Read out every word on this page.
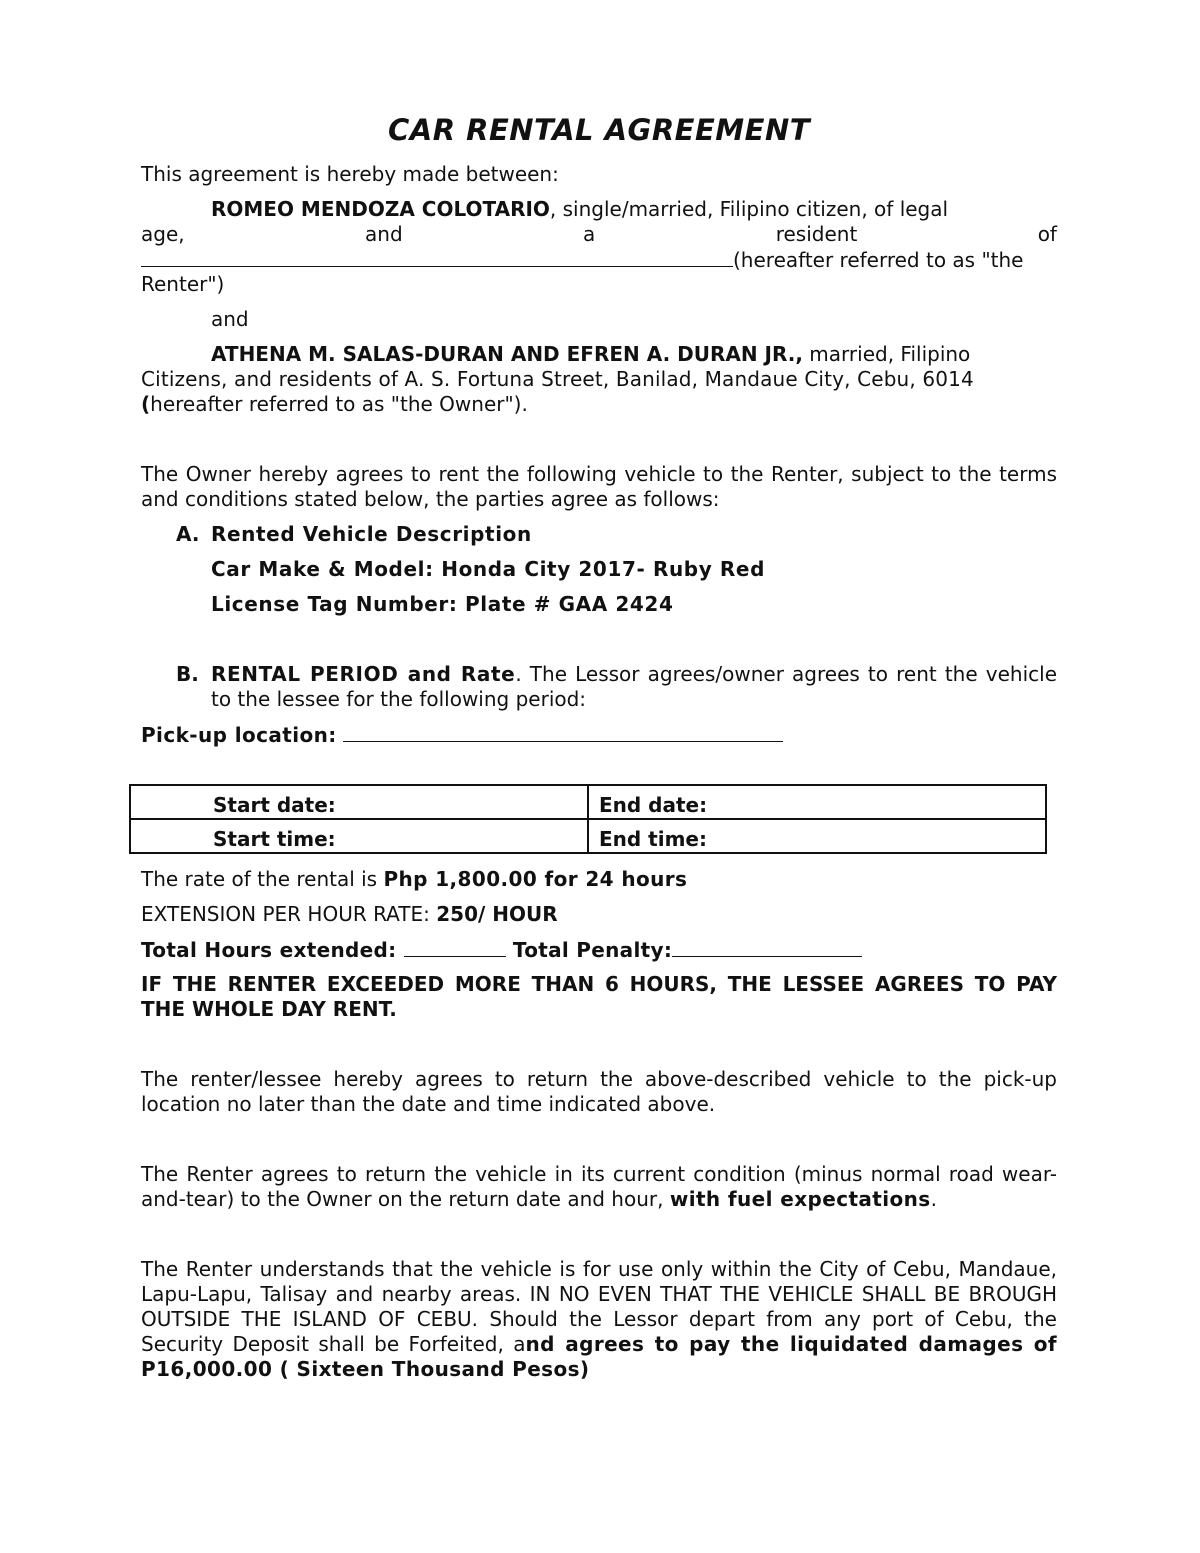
CAR RENTAL AGREEMENT
This agreement is hereby made between:
ROMEO MENDOZA COLOTARIO, single/married, Filipino citizen, of legal
age,	and	a	resident	of
(hereafter referred to as "the
Renter")
and
ATHENA M. SALAS-DURAN AND EFREN A. DURAN JR., married, Filipino
Citizens, and residents of A. S. Fortuna Street, Banilad, Mandaue City, Cebu, 6014
(hereafter referred to as "the Owner").
The Owner hereby agrees to rent the following vehicle to the Renter, subject to the terms and conditions stated below, the parties agree as follows:
A. Rented Vehicle Description
Car Make & Model: Honda City 2017- Ruby Red
License Tag Number: Plate # GAA 2424
B. RENTAL PERIOD and Rate. The Lessor agrees/owner agrees to rent the vehicle to the lessee for the following period:
Pick-up location:
Start date:	End date:
Start time:	End time:
The rate of the rental is Php 1,800.00 for 24 hours
EXTENSION PER HOUR RATE: 250/ HOUR
Total Hours extended:	Total Penalty:
IF THE RENTER EXCEEDED MORE THAN 6 HOURS, THE LESSEE AGREES TO PAY THE WHOLE DAY RENT.
The renter/lessee hereby agrees to return the above-described vehicle to the pick-up location no later than the date and time indicated above.
The Renter agrees to return the vehicle in its current condition (minus normal road wear-and-tear) to the Owner on the return date and hour, with fuel expectations.
The Renter understands that the vehicle is for use only within the City of Cebu, Mandaue, Lapu-Lapu, Talisay and nearby areas. IN NO EVEN THAT THE VEHICLE SHALL BE BROUGH OUTSIDE THE ISLAND OF CEBU. Should the Lessor depart from any port of Cebu, the Security Deposit shall be Forfeited, and agrees to pay the liquidated damages of P16,000.00 ( Sixteen Thousand Pesos)
